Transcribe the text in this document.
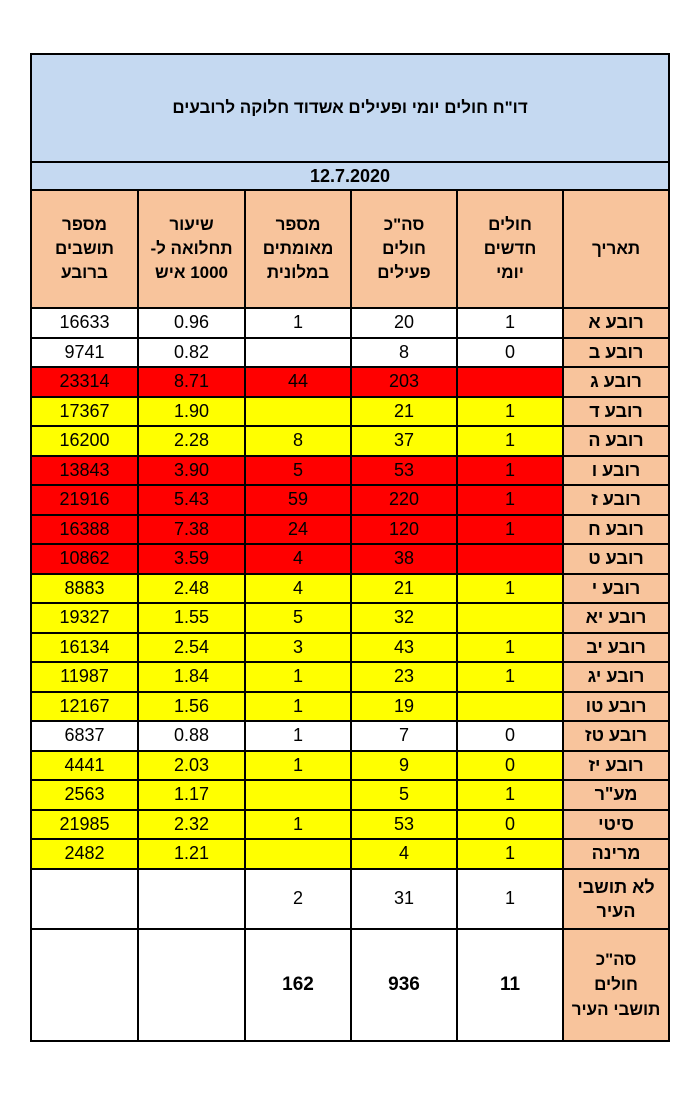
דו"ח חולים יומי ופעילים אשדוד חלוקה לרובעים					
12.7.2020					
תאריך	חולים
חדשים
יומי	סה"כ
חולים
פעילים	מספר
מאומתים
במלונית	שיעור
תחלואה ל-
1000 איש	מספר
תושבים
ברובע
רובע א	1	20	1	0.96	16633
רובע ב	0	8		0.82	9741
רובע ג		203	44	8.71	23314
רובע ד	1	21		1.90	17367
רובע ה	1	37	8	2.28	16200
רובע ו	1	53	5	3.90	13843
רובע ז	1	220	59	5.43	21916
רובע ח	1	120	24	7.38	16388
רובע ט		38	4	3.59	10862
רובע י	1	21	4	2.48	8883
רובע יא		32	5	1.55	19327
רובע יב	1	43	3	2.54	16134
רובע יג	1	23	1	1.84	11987
רובע טו		19	1	1.56	12167
רובע טז	0	7	1	0.88	6837
רובע יז	0	9	1	2.03	4441
מע"ר	1	5		1.17	2563
סיטי	0	53	1	2.32	21985
מרינה	1	4		1.21	2482
לא תושבי
העיר	1	31	2		
סה"כ
חולים
תושבי העיר	11	936	162		
